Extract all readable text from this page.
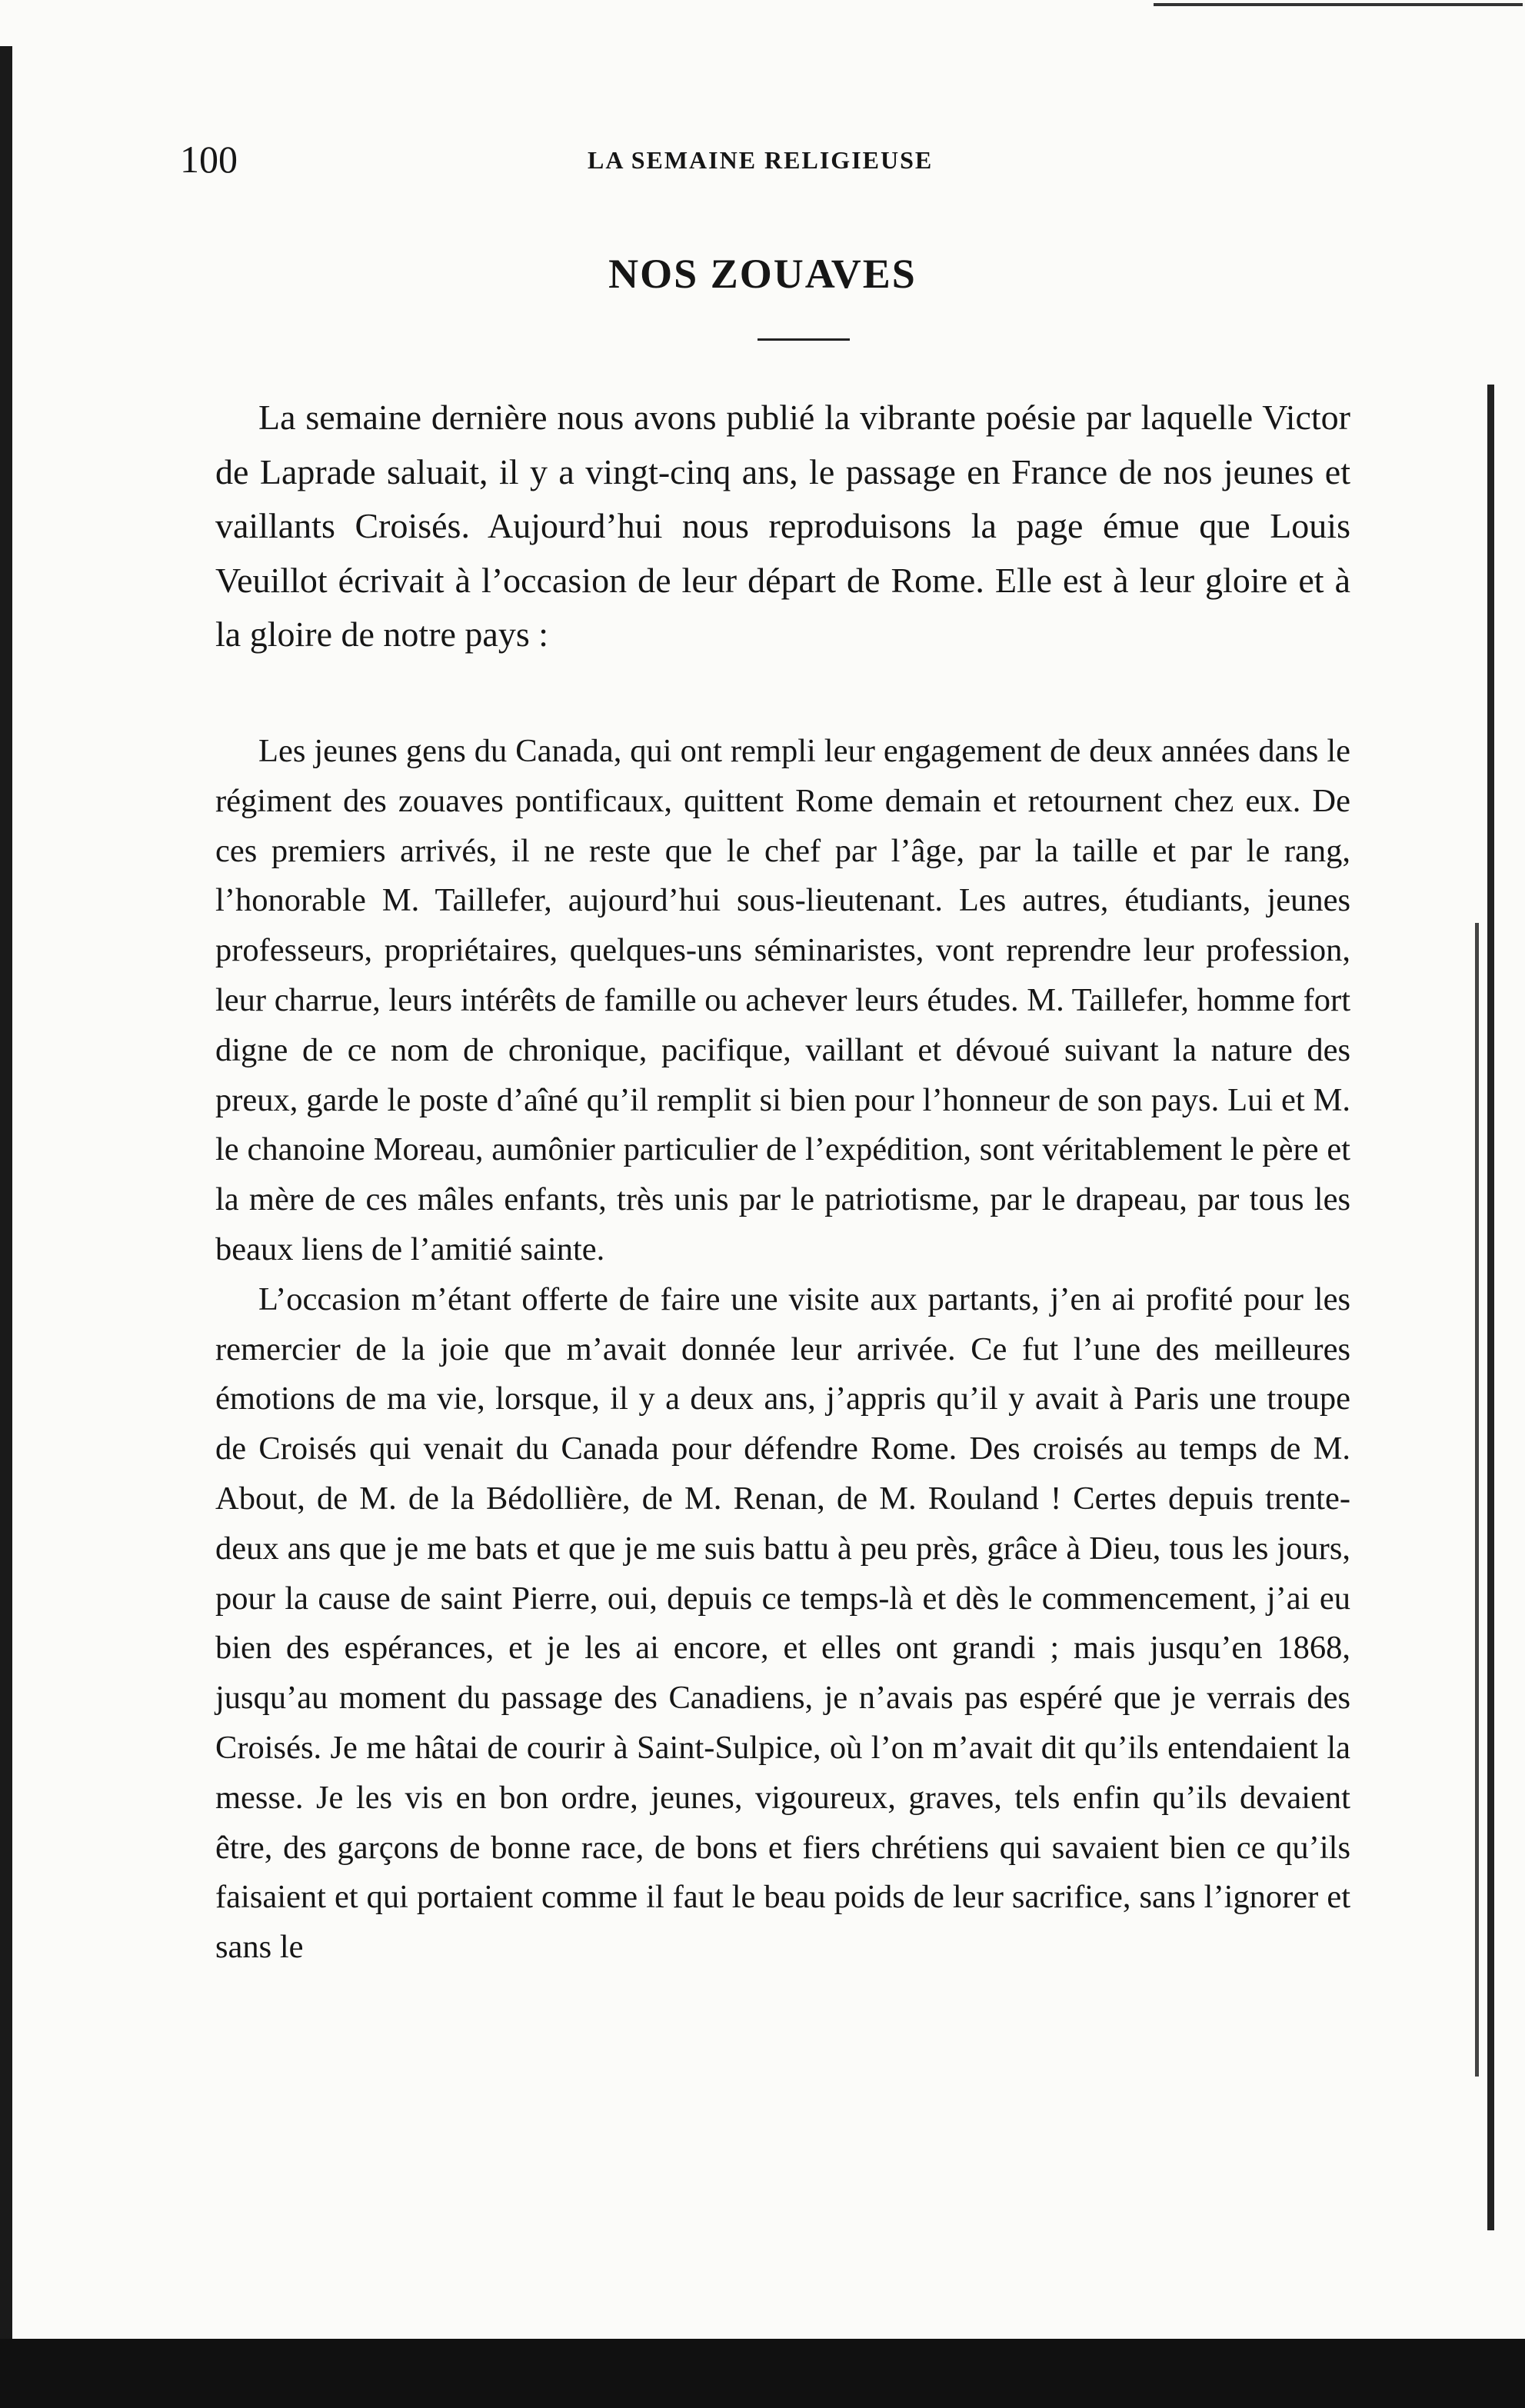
100	LA SEMAINE RELIGIEUSE
NOS ZOUAVES

La semaine dernière nous avons publié la vibrante poésie par laquelle Victor de Laprade saluait, il y a vingt-cinq ans, le passage en France de nos jeunes et vaillants Croisés. Aujourd’hui nous reproduisons la page émue que Louis Veuillot écrivait à l’occasion de leur départ de Rome. Elle est à leur gloire et à la gloire de notre pays :

Les jeunes gens du Canada, qui ont rempli leur engagement de deux années dans le régiment des zouaves pontificaux, quittent Rome demain et retournent chez eux. De ces premiers arrivés, il ne reste que le chef par l’âge, par la taille et par le rang, l’honorable M. Taillefer, aujourd’hui sous-lieutenant. Les autres, étudiants, jeunes professeurs, propriétaires, quelques-uns séminaristes, vont reprendre leur profession, leur charrue, leurs intérêts de famille ou achever leurs études. M. Taillefer, homme fort digne de ce nom de chronique, pacifique, vaillant et dévoué suivant la nature des preux, garde le poste d’aîné qu’il remplit si bien pour l’honneur de son pays. Lui et M. le chanoine Moreau, aumônier particulier de l’expédition, sont véritablement le père et la mère de ces mâles enfants, très unis par le patriotisme, par le drapeau, par tous les beaux liens de l’amitié sainte.

L’occasion m’étant offerte de faire une visite aux partants, j’en ai profité pour les remercier de la joie que m’avait donnée leur arrivée. Ce fut l’une des meilleures émotions de ma vie, lorsque, il y a deux ans, j’appris qu’il y avait à Paris une troupe de Croisés qui venait du Canada pour défendre Rome. Des croisés au temps de M. About, de M. de la Bédollière, de M. Renan, de M. Rouland ! Certes depuis trente-deux ans que je me bats et que je me suis battu à peu près, grâce à Dieu, tous les jours, pour la cause de saint Pierre, oui, depuis ce temps-là et dès le commencement, j’ai eu bien des espérances, et je les ai encore, et elles ont grandi ; mais jusqu’en 1868, jusqu’au moment du passage des Canadiens, je n’avais pas espéré que je verrais des Croisés. Je me hâtai de courir à Saint-Sulpice, où l’on m’avait dit qu’ils entendaient la messe. Je les vis en bon ordre, jeunes, vigoureux, graves, tels enfin qu’ils devaient être, des garçons de bonne race, de bons et fiers chrétiens qui savaient bien ce qu’ils faisaient et qui portaient comme il faut le beau poids de leur sacrifice, sans l’ignorer et sans le
